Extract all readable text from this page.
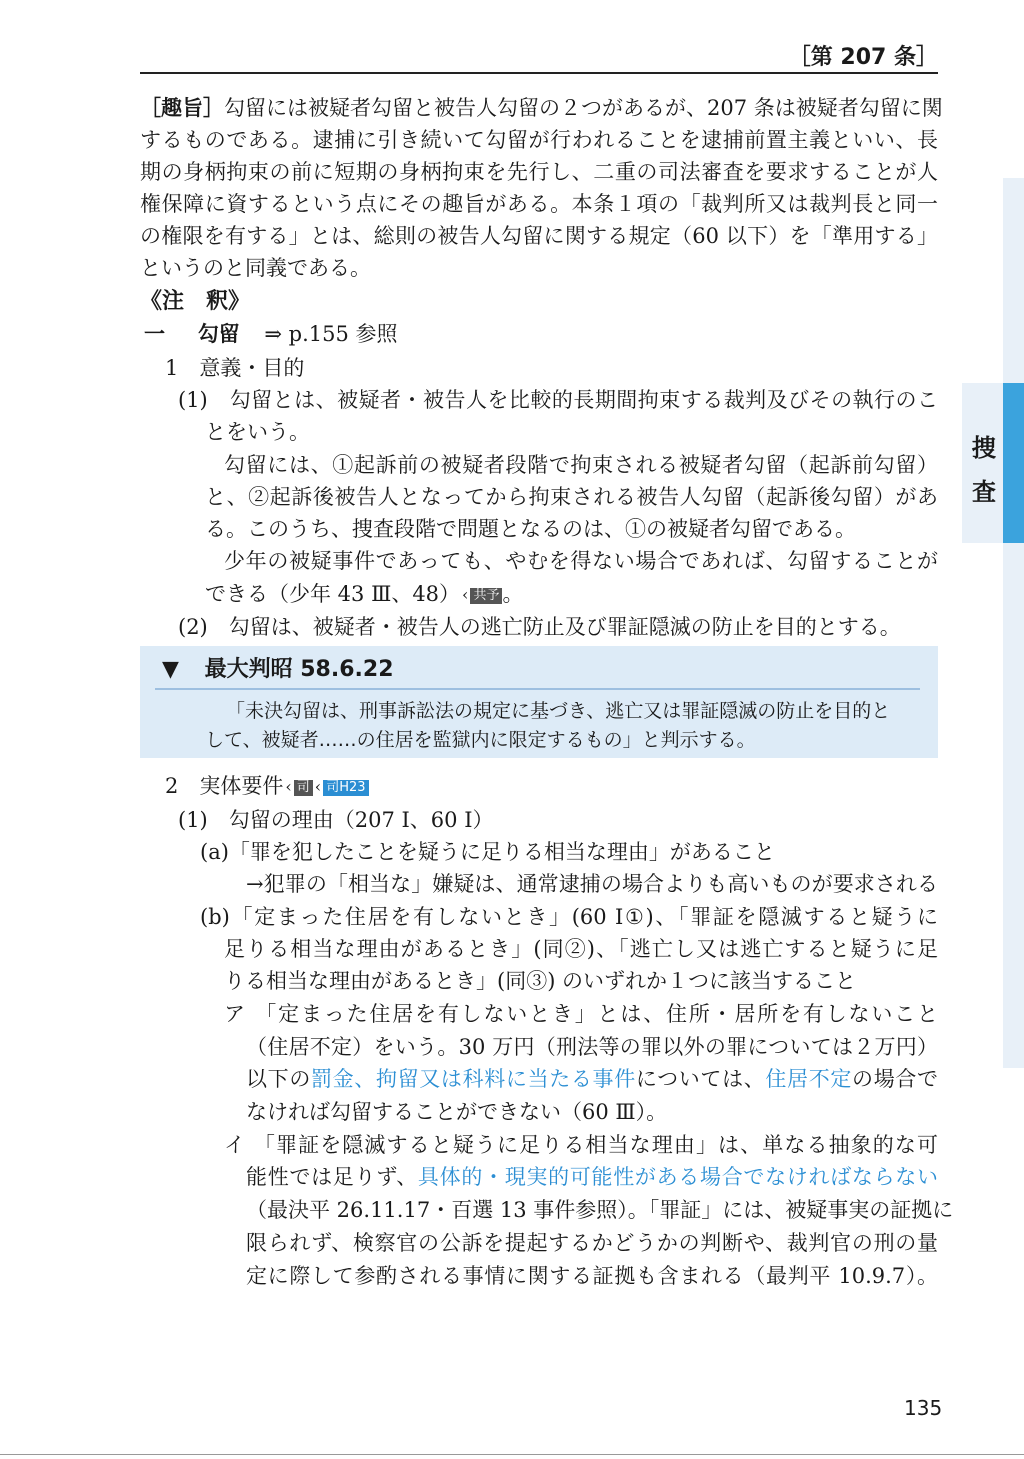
［第 207 条］
捜
査
［趣旨］勾留には被疑者勾留と被告人勾留の２つがあるが、207 条は被疑者勾留に関
するものである。逮捕に引き続いて勾留が行われることを逮捕前置主義といい、長
期の身柄拘束の前に短期の身柄拘束を先行し、二重の司法審査を要求することが人
権保障に資するという点にその趣旨がある。本条１項の「裁判所又は裁判長と同一
の権限を有する」とは、総則の被告人勾留に関する規定（60 以下）を「準用する」
というのと同義である。
《注　釈》
一 勾留 ⇒ p.155 参照
1　意義・目的
(1)　勾留とは、被疑者・被告人を比較的長期間拘束する裁判及びその執行のこ
とをいう。
勾留には、①起訴前の被疑者段階で拘束される被疑者勾留（起訴前勾留）
と、②起訴後被告人となってから拘束される被告人勾留（起訴後勾留）があ
る。このうち、捜査段階で問題となるのは、①の被疑者勾留である。
少年の被疑事件であっても、やむを得ない場合であれば、勾留することが
できる（少年 43 Ⅲ、48） ‹ 共予 。
(2)　勾留は、被疑者・被告人の逃亡防止及び罪証隠滅の防止を目的とする。
▼ 最大判昭 58.6.22
「未決勾留は、刑事訴訟法の規定に基づき、逃亡又は罪証隠滅の防止を目的と
して、被疑者……の住居を監獄内に限定するもの」と判示する。
2　実体要件 ‹ 司 ‹ 司H23
(1)　勾留の理由（207 Ⅰ、60 Ⅰ）
(a)「罪を犯したことを疑うに足りる相当な理由」があること
→犯罪の「相当な」嫌疑は、通常逮捕の場合よりも高いものが要求される
(b)「定まった住居を有しないとき」(60 Ⅰ①)、「罪証を隠滅すると疑うに
足りる相当な理由があるとき」(同②)、「逃亡し又は逃亡すると疑うに足
りる相当な理由があるとき」(同③) のいずれか１つに該当すること
ア 「定まった住居を有しないとき」とは、住所・居所を有しないこと
（住居不定）をいう。30 万円（刑法等の罪以外の罪については２万円）
以下の罰金、拘留又は科料に当たる事件については、住居不定の場合で
なければ勾留することができない（60 Ⅲ）。
イ 「罪証を隠滅すると疑うに足りる相当な理由」は、単なる抽象的な可
能性では足りず、具体的・現実的可能性がある場合でなければならない
（最決平 26.11.17・百選 13 事件参照）。「罪証」には、被疑事実の証拠に
限られず、検察官の公訴を提起するかどうかの判断や、裁判官の刑の量
定に際して参酌される事情に関する証拠も含まれる（最判平 10.9.7）。
135
